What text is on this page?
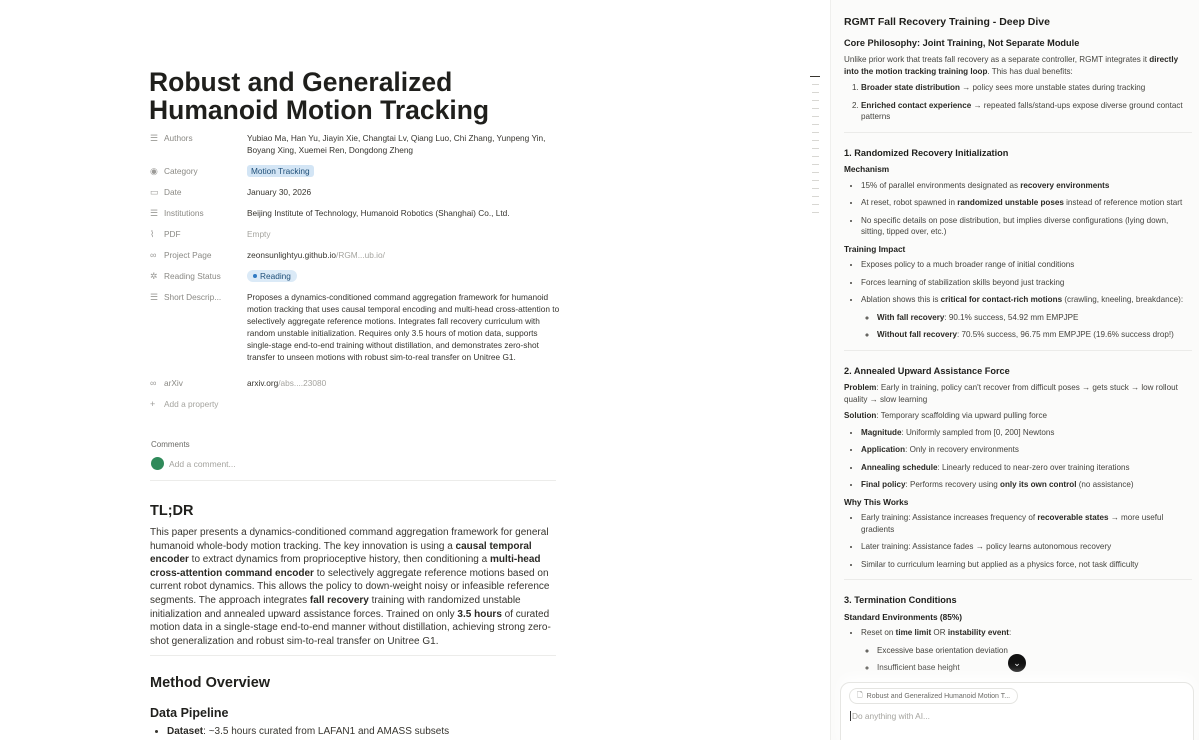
Robust and Generalized Humanoid Motion Tracking
☰ Authors	Yubiao Ma, Han Yu, Jiayin Xie, Changtai Lv, Qiang Luo, Chi Zhang, Yunpeng Yin, Boyang Xing, Xuemei Ren, Dongdong Zheng
◉ Category	Motion Tracking
▭ Date	January 30, 2026
☰ Institutions	Beijing Institute of Technology, Humanoid Robotics (Shanghai) Co., Ltd.
⌇	PDF	Empty
∞ Project Page	zeonsunlightyu.github.io/RGM...ub.io/
✲ Reading Status	Reading
☰ Short Descrip...	Proposes a dynamics-conditioned command aggregation framework for humanoid motion tracking that uses causal temporal encoding and multi-head cross-attention to selectively aggregate reference motions. Integrates fall recovery curriculum with random unstable initialization. Requires only 3.5 hours of motion data, supports single-stage end-to-end training without distillation, and demonstrates zero-shot transfer to unseen motions with robust sim-to-real transfer on Unitree G1.
∞ arXiv	arxiv.org/abs....23080
+	Add a property
Comments
Add a comment...
TL;DR
This paper presents a dynamics-conditioned command aggregation framework for general humanoid whole-body motion tracking. The key innovation is using a causal temporal encoder to extract dynamics from proprioceptive history, then conditioning a multi-head cross-attention command encoder to selectively aggregate reference motions based on current robot dynamics. This allows the policy to down-weight noisy or infeasible reference segments. The approach integrates fall recovery training with randomized unstable initialization and annealed upward assistance forces. Trained on only 3.5 hours of curated motion data in a single-stage end-to-end manner without distillation, achieving strong zero-shot generalization and robust sim-to-real transfer on Unitree G1.
Method Overview
Data Pipeline
• Dataset: ~3.5 hours curated from LAFAN1 and AMASS subsets
RGMT Fall Recovery Training - Deep Dive
Core Philosophy: Joint Training, Not Separate Module

Unlike prior work that treats fall recovery as a separate controller, RGMT integrates it directly into the motion tracking training loop. This has dual benefits:

1. Broader state distribution → policy sees more unstable states during tracking
2. Enriched contact experience → repeated falls/stand-ups expose diverse ground contact patterns
1. Randomized Recovery Initialization
Mechanism
• 15% of parallel environments designated as recovery environments
• At reset, robot spawned in randomized unstable poses instead of reference motion start
• No specific details on pose distribution, but implies diverse configurations (lying down, sitting, tipped over, etc.)
Training Impact
• Exposes policy to a much broader range of initial conditions
• Forces learning of stabilization skills beyond just tracking
• Ablation shows this is critical for contact-rich motions (crawling, kneeling, breakdance):
◦ With fall recovery: 90.1% success, 54.92 mm EMPJPE
◦ Without fall recovery: 70.5% success, 96.75 mm EMPJPE (19.6% success drop!)
2. Annealed Upward Assistance Force

Problem: Early in training, policy can't recover from difficult poses → gets stuck → low rollout quality → slow learning

Solution: Temporary scaffolding via upward pulling force

• Magnitude: Uniformly sampled from [0, 200] Newtons
• Application: Only in recovery environments
• Annealing schedule: Linearly reduced to near-zero over training iterations
• Final policy: Performs recovery using only its own control (no assistance)
Why This Works
• Early training: Assistance increases frequency of recoverable states → more useful gradients
• Later training: Assistance fades → policy learns autonomous recovery
• Similar to curriculum learning but applied as a physics force, not task difficulty
3. Termination Conditions
Standard Environments (85%)
• Reset on time limit OR instability event:
◦ Excessive base orientation deviation
◦ Insufficient base height
◦	⌄
🗋 Robust and Generalized Humanoid Motion T...
Do anything with AI...
